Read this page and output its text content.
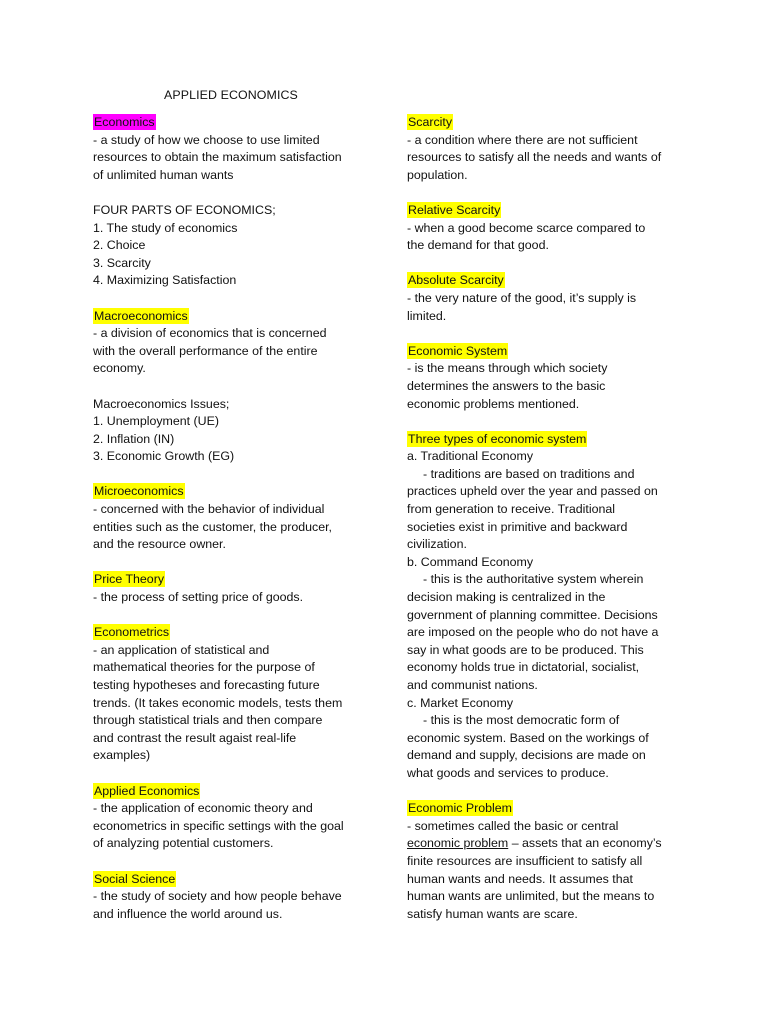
APPLIED ECONOMICS
Economics
- a study of how we choose to use limited
resources to obtain the maximum satisfaction
of unlimited human wants
FOUR PARTS OF ECONOMICS;
1. The study of economics
2. Choice
3. Scarcity
4. Maximizing Satisfaction
Macroeconomics
- a division of economics that is concerned
with the overall performance of the entire
economy.
Macroeconomics Issues;
1. Unemployment (UE)
2. Inflation (IN)
3. Economic Growth (EG)
Microeconomics
- concerned with the behavior of individual
entities such as the customer, the producer,
and the resource owner.
Price Theory
- the process of setting price of goods.
Econometrics
- an application of statistical and
mathematical theories for the purpose of
testing hypotheses and forecasting future
trends. (It takes economic models, tests them
through statistical trials and then compare
and contrast the result agaist real-life
examples)
Applied Economics
- the application of economic theory and
econometrics in specific settings with the goal
of analyzing potential customers.
Social Science
- the study of society and how people behave
and influence the world around us.
Scarcity
- a condition where there are not sufficient
resources to satisfy all the needs and wants of
population.
Relative Scarcity
- when a good become scarce compared to
the demand for that good.
Absolute Scarcity
- the very nature of the good, it’s supply is
limited.
Economic System
- is the means through which society
determines the answers to the basic
economic problems mentioned.
Three types of economic system
a. Traditional Economy
- traditions are based on traditions and
practices upheld over the year and passed on
from generation to receive. Traditional
societies exist in primitive and backward
civilization.
b. Command Economy
- this is the authoritative system wherein
decision making is centralized in the
government of planning committee. Decisions
are imposed on the people who do not have a
say in what goods are to be produced. This
economy holds true in dictatorial, socialist,
and communist nations.
c. Market Economy
- this is the most democratic form of
economic system. Based on the workings of
demand and supply, decisions are made on
what goods and services to produce.
Economic Problem
- sometimes called the basic or central
economic problem – assets that an economy’s
finite resources are insufficient to satisfy all
human wants and needs. It assumes that
human wants are unlimited, but the means to
satisfy human wants are scare.
